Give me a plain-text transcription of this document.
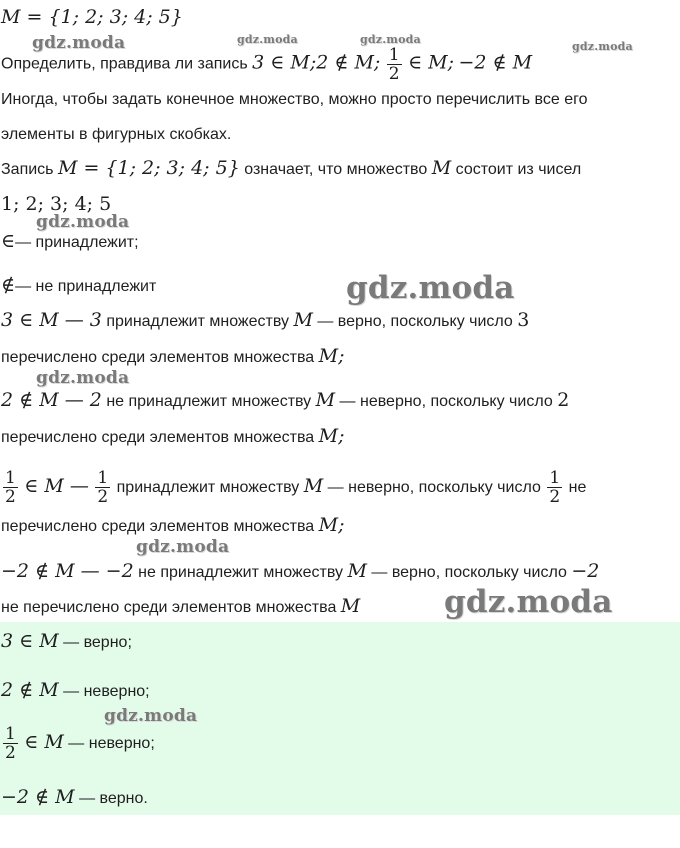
M = {1; 2; 3; 4; 5}
Определить, правдива ли запись 3 ∈ M;2 ∉ M; $\frac{1}{2}$ ∈ M; −2 ∉ M
Иногда, чтобы задать конечное множество, можно просто перечислить все его
элементы в фигурных скобках.
Запись M = {1; 2; 3; 4; 5} означает, что множество M состоит из чисел
1; 2; 3; 4; 5
∈— принадлежит;
∉— не принадлежит
3 ∈ M — 3 принадлежит множеству M — верно, поскольку число 3
перечислено среди элементов множества M;
2 ∉ M — 2 не принадлежит множеству M — неверно, поскольку число 2
перечислено среди элементов множества M;
$\frac{1}{2}$ ∈ M — $\frac{1}{2}$ принадлежит множеству M — неверно, поскольку число $\frac{1}{2}$ не
перечислено среди элементов множества M;
−2 ∉ M — −2 не принадлежит множеству M — верно, поскольку число −2
не перечислено среди элементов множества M
3 ∈ M — верно;
2 ∉ M — неверно;
$\frac{1}{2}$ ∈ M — неверно;
−2 ∉ M — верно.
gdz.moda	gdz.moda	gdz.moda
gdz.moda
gdz.moda
gdz.moda
gdz.moda
gdz.moda
gdz.moda
gdz.moda
